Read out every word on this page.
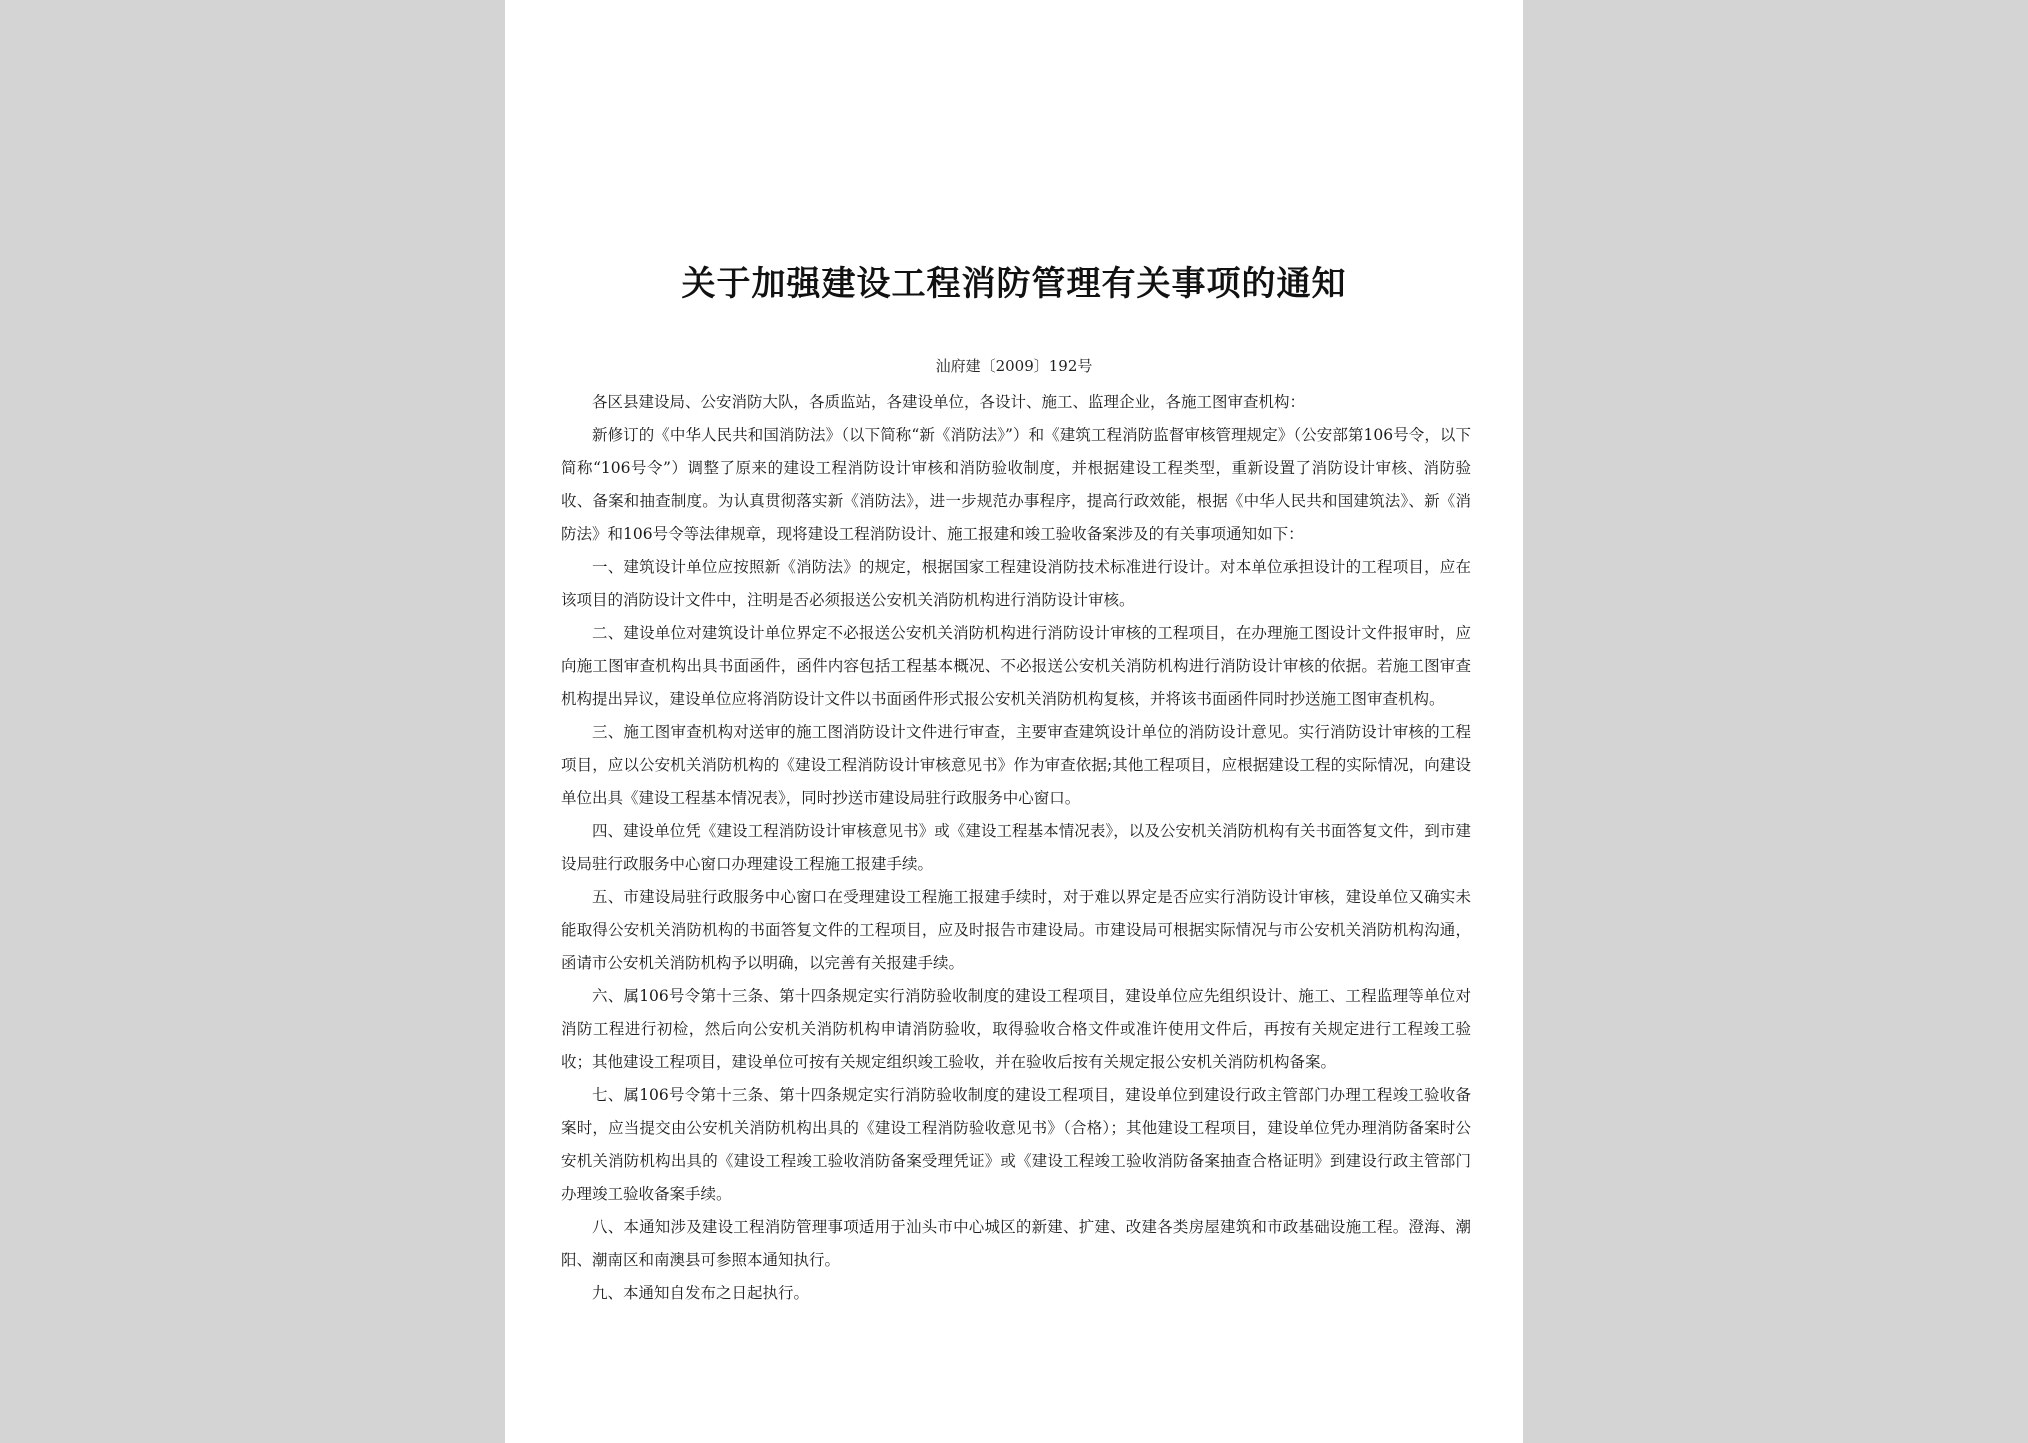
关于加强建设工程消防管理有关事项的通知
汕府建〔2009〕192号

各区县建设局、公安消防大队，各质监站，各建设单位，各设计、施工、监理企业，各施工图审查机构：

新修订的《中华人民共和国消防法》（以下简称“新《消防法》”）和《建筑工程消防监督审核管理规定》（公安部第106号令，以下简称“106号令”）调整了原来的建设工程消防设计审核和消防验收制度，并根据建设工程类型，重新设置了消防设计审核、消防验收、备案和抽查制度。为认真贯彻落实新《消防法》，进一步规范办事程序，提高行政效能，根据《中华人民共和国建筑法》、新《消防法》和106号令等法律规章，现将建设工程消防设计、施工报建和竣工验收备案涉及的有关事项通知如下：

一、建筑设计单位应按照新《消防法》的规定，根据国家工程建设消防技术标准进行设计。对本单位承担设计的工程项目，应在该项目的消防设计文件中，注明是否必须报送公安机关消防机构进行消防设计审核。

二、建设单位对建筑设计单位界定不必报送公安机关消防机构进行消防设计审核的工程项目，在办理施工图设计文件报审时，应向施工图审查机构出具书面函件，函件内容包括工程基本概况、不必报送公安机关消防机构进行消防设计审核的依据。若施工图审查机构提出异议，建设单位应将消防设计文件以书面函件形式报公安机关消防机构复核，并将该书面函件同时抄送施工图审查机构。

三、施工图审查机构对送审的施工图消防设计文件进行审查，主要审查建筑设计单位的消防设计意见。实行消防设计审核的工程项目，应以公安机关消防机构的《建设工程消防设计审核意见书》作为审查依据;其他工程项目，应根据建设工程的实际情况，向建设单位出具《建设工程基本情况表》，同时抄送市建设局驻行政服务中心窗口。

四、建设单位凭《建设工程消防设计审核意见书》或《建设工程基本情况表》，以及公安机关消防机构有关书面答复文件，到市建设局驻行政服务中心窗口办理建设工程施工报建手续。

五、市建设局驻行政服务中心窗口在受理建设工程施工报建手续时，对于难以界定是否应实行消防设计审核，建设单位又确实未能取得公安机关消防机构的书面答复文件的工程项目，应及时报告市建设局。市建设局可根据实际情况与市公安机关消防机构沟通，函请市公安机关消防机构予以明确，以完善有关报建手续。

六、属106号令第十三条、第十四条规定实行消防验收制度的建设工程项目，建设单位应先组织设计、施工、工程监理等单位对消防工程进行初检，然后向公安机关消防机构申请消防验收，取得验收合格文件或准许使用文件后，再按有关规定进行工程竣工验收；其他建设工程项目，建设单位可按有关规定组织竣工验收，并在验收后按有关规定报公安机关消防机构备案。

七、属106号令第十三条、第十四条规定实行消防验收制度的建设工程项目，建设单位到建设行政主管部门办理工程竣工验收备案时，应当提交由公安机关消防机构出具的《建设工程消防验收意见书》（合格）；其他建设工程项目，建设单位凭办理消防备案时公安机关消防机构出具的《建设工程竣工验收消防备案受理凭证》或《建设工程竣工验收消防备案抽查合格证明》到建设行政主管部门办理竣工验收备案手续。

八、本通知涉及建设工程消防管理事项适用于汕头市中心城区的新建、扩建、改建各类房屋建筑和市政基础设施工程。澄海、潮阳、潮南区和南澳县可参照本通知执行。

九、本通知自发布之日起执行。
